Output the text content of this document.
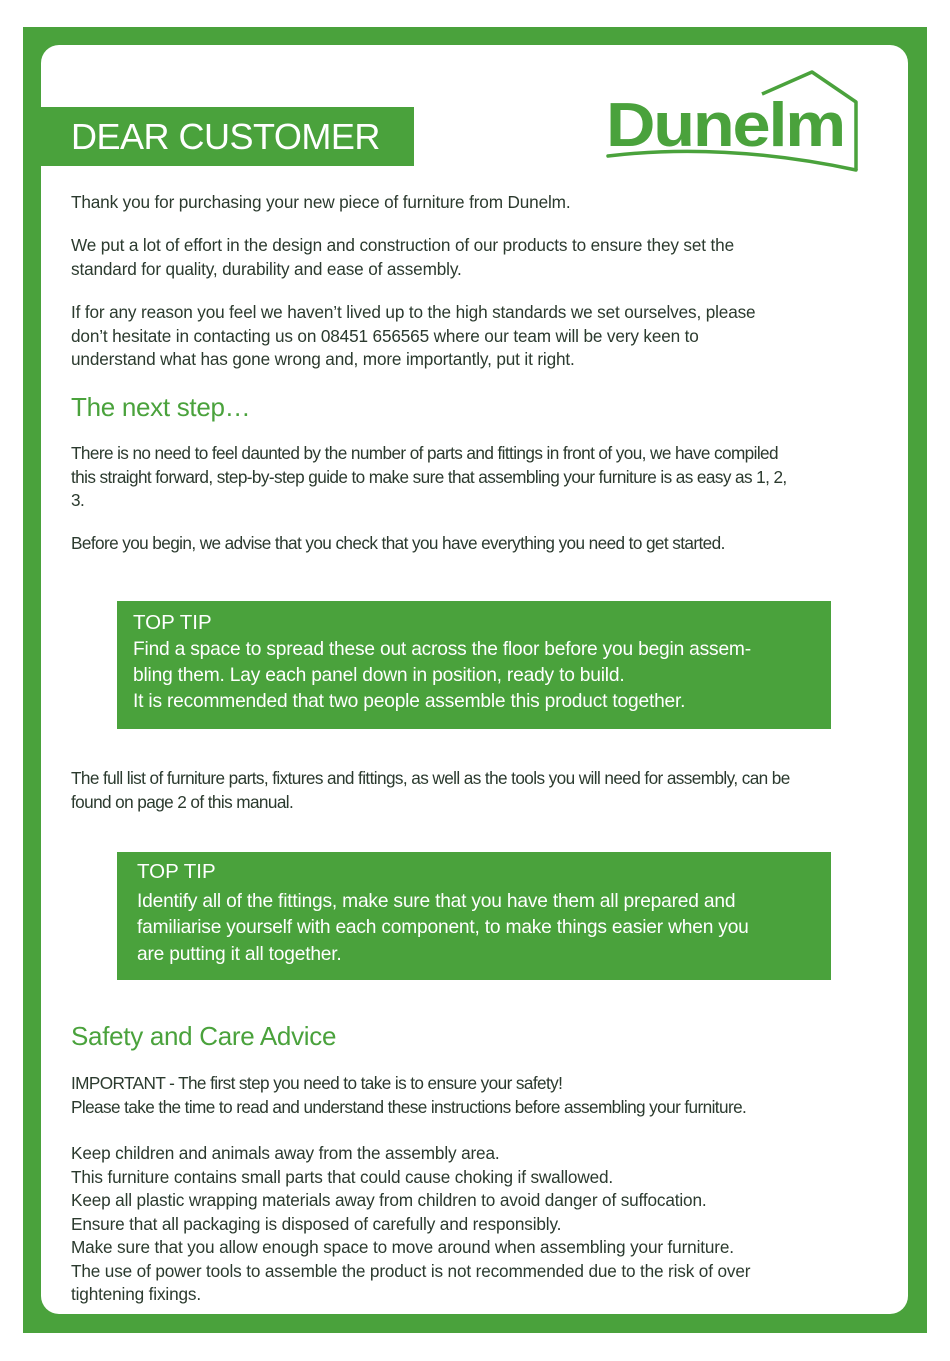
DEAR CUSTOMER	Dunelm
Thank you for purchasing your new piece of furniture from Dunelm.
We put a lot of effort in the design and construction of our products to ensure they set the
standard for quality, durability and ease of assembly.
If for any reason you feel we haven’t lived up to the high standards we set ourselves, please
don’t hesitate in contacting us on 08451 656565 where our team will be very keen to
understand what has gone wrong and, more importantly, put it right.
The next step…
There is no need to feel daunted by the number of parts and fittings in front of you, we have compiled
this straight forward, step-by-step guide to make sure that assembling your furniture is as easy as 1, 2,
3.
Before you begin, we advise that you check that you have everything you need to get started.
TOP TIP
Find a space to spread these out across the floor before you begin assem-
bling them. Lay each panel down in position, ready to build.
It is recommended that two people assemble this product together.
The full list of furniture parts, fixtures and fittings, as well as the tools you will need for assembly, can be
found on page 2 of this manual.
TOP TIP
Identify all of the fittings, make sure that you have them all prepared and
familiarise yourself with each component, to make things easier when you
are putting it all together.
Safety and Care Advice
IMPORTANT - The first step you need to take is to ensure your safety!
Please take the time to read and understand these instructions before assembling your furniture.
Keep children and animals away from the assembly area.
This furniture contains small parts that could cause choking if swallowed.
Keep all plastic wrapping materials away from children to avoid danger of suffocation.
Ensure that all packaging is disposed of carefully and responsibly.
Make sure that you allow enough space to move around when assembling your furniture.
The use of power tools to assemble the product is not recommended due to the risk of over
tightening fixings.
